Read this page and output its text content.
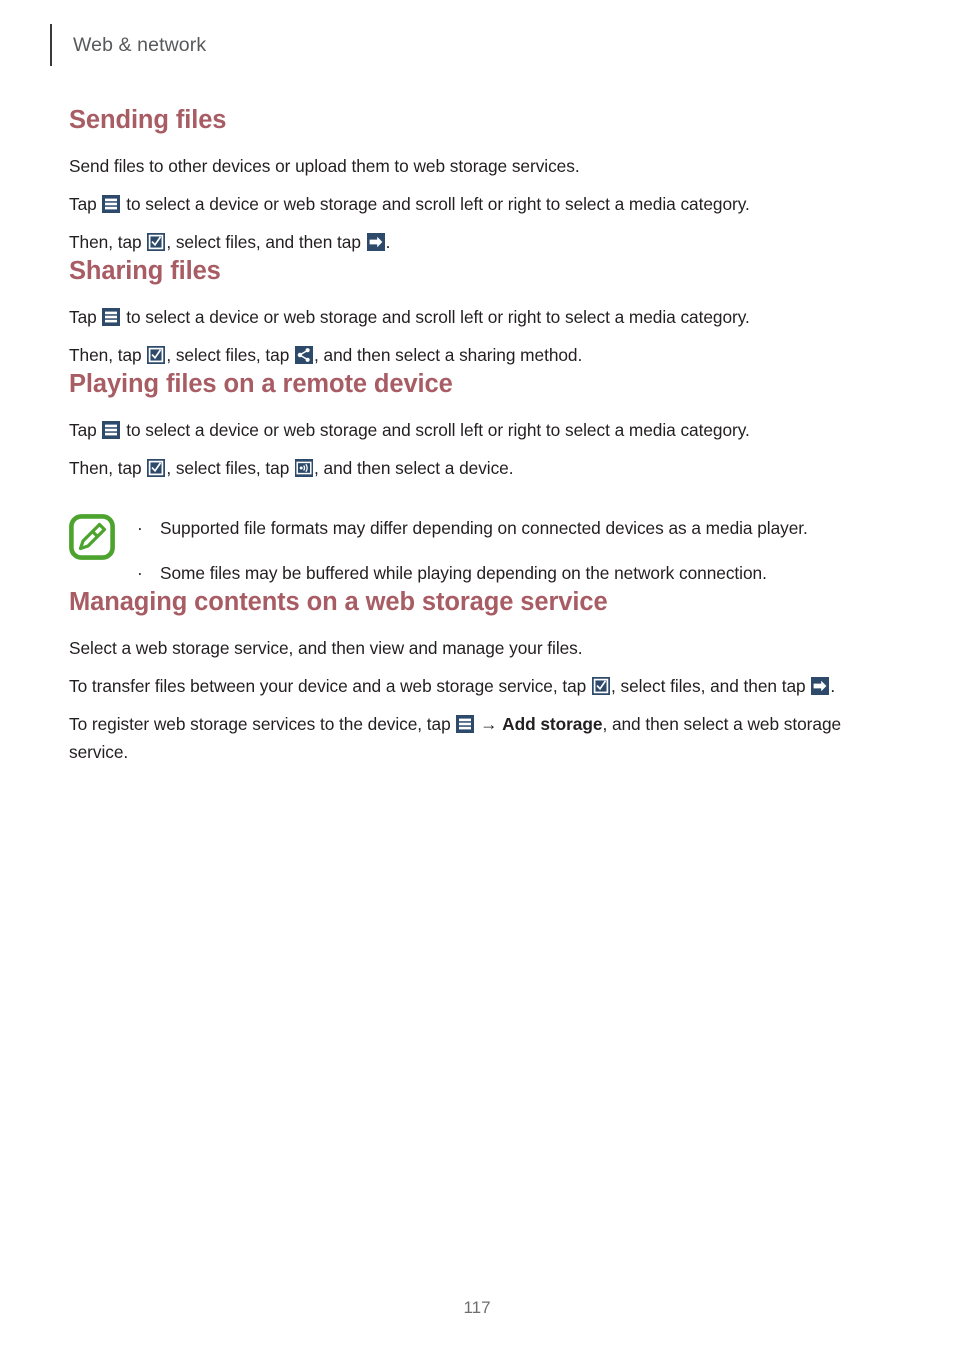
Web & network
Sending files

Send files to other devices or upload them to web storage services.

Tap
to select a device or web storage and scroll left or right to select a media category.

Then, tap
, select files, and then tap
.

Sharing files

Tap
to select a device or web storage and scroll left or right to select a media category.

Then, tap
, select files, tap
, and then select a sharing method.

Playing files on a remote device

Tap
to select a device or web storage and scroll left or right to select a media category.

Then, tap
, select files, tap
, and then select a device.

· Supported file formats may differ depending on connected devices as a media player.
· Some files may be buffered while playing depending on the network connection.
Managing contents on a web storage service

Select a web storage service, and then view and manage your files.

To transfer files between your device and a web storage service, tap
, select files, and then tap
.

To register web storage services to the device, tap
→ Add storage, and then select a web storage service.

117
